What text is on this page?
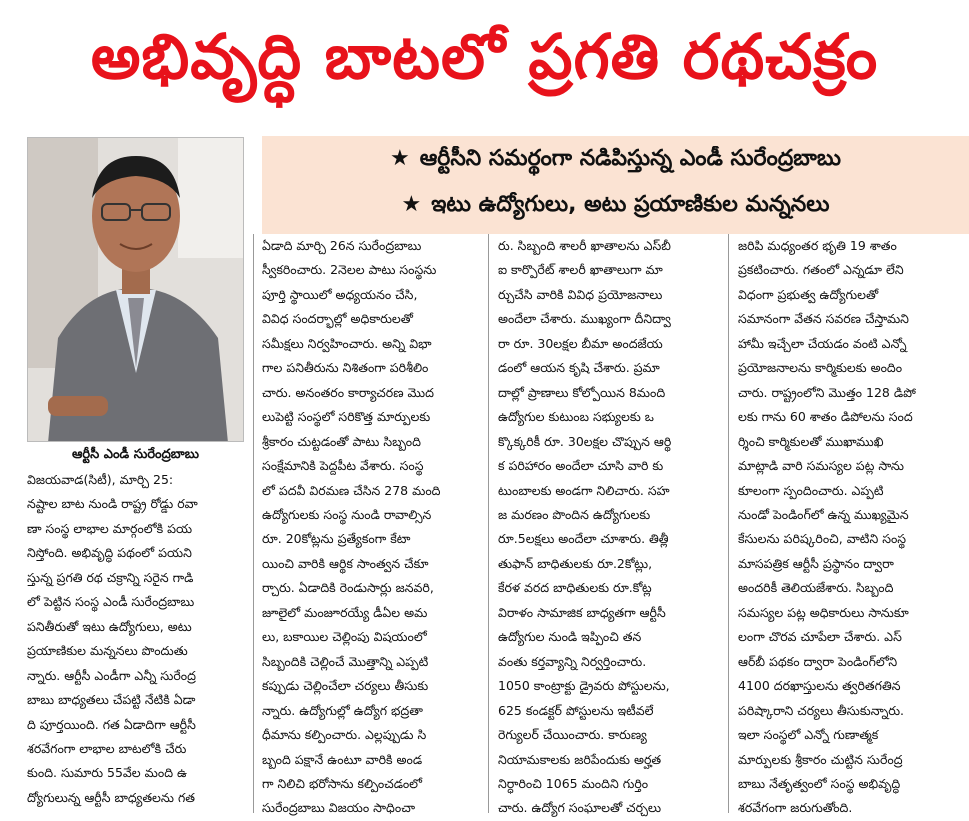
అభివృద్ధి బాటలో ప్రగతి రథచక్రం
ఆర్టీసీ ఎండీ సురేంద్రబాబు
★ ఆర్టీసీని సమర్థంగా నడిపిస్తున్న ఎండీ సురేంద్రబాబు
★ ఇటు ఉద్యోగులు, అటు ప్రయాణికుల మన్ననలు
విజయవాడ(సిటీ), మార్చి 25:
నష్టాల బాట నుండి రాష్ట్ర రోడ్డు రవా
ణా సంస్థ లాభాల మార్గంలోకి పయ
నిస్తోంది. అభివృద్ధి పథంలో పయని
స్తున్న ప్రగతి రథ చక్రాన్ని సరైన గాడి
లో పెట్టిన సంస్థ ఎండీ సురేంద్రబాబు
పనితీరుతో ఇటు ఉద్యోగులు, అటు
ప్రయాణికుల మన్ననలు పొందుతు
న్నారు. ఆర్టీసీ ఎండీగా ఎన్నీ సురేంద్ర
బాబు బాధ్యతలు చేపట్టి నేటికి ఏడా
ది పూర్తయింది. గత ఏడాదిగా ఆర్టీసీ
శరవేగంగా లాభాల బాటలోకి చేరు
కుంది. సుమారు 55వేల మంది ఉ
ద్యోగులున్న ఆర్టీసీ బాధ్యతలను గత
ఏడాది మార్చి 26న సురేంద్రబాబు
స్వీకరించారు. 2నెలల పాటు సంస్థను
పూర్తి స్థాయిలో అధ్యయనం చేసి,
వివిధ సందర్భాల్లో అధికారులతో
సమీక్షలు నిర్వహించారు. అన్ని విభా
గాల పనితీరును నిశితంగా పరిశీలిం
చారు. అనంతరం కార్యాచరణ మొద
లుపెట్టి సంస్థలో సరికొత్త మార్పులకు
శ్రీకారం చుట్టడంతో పాటు సిబ్బంది
సంక్షేమానికి పెద్దపీట వేశారు. సంస్థ
లో పదవీ విరమణ చేసిన 278 మంది
ఉద్యోగులకు సంస్థ నుండి రావాల్సిన
రూ. 20కోట్లను ప్రత్యేకంగా కేటా
యించి వారికి ఆర్థిక సాంత్వన చేకూ
ర్చారు. ఏడాదికి రెండుసార్లు జనవరి,
జూలైలో మంజూరయ్యే డీఏల అమ
లు, బకాయిల చెల్లింపు విషయంలో
సిబ్బందికి చెల్లించే మొత్తాన్ని ఎప్పటి
కప్పుడు చెల్లించేలా చర్యలు తీసుకు
న్నారు. ఉద్యోగుల్లో ఉద్యోగ భద్రతా
ధీమాను కల్పించారు. ఎల్లప్పుడు సి
బ్బంది పక్షానే ఉంటూ వారికి అండ
గా నిలిచి భరోసాను కల్పించడంలో
సురేంద్రబాబు విజయం సాధించా
రు. సిబ్బంది శాలరీ ఖాతాలను ఎస్‌బీ
ఐ కార్పొరేట్ శాలరీ ఖాతాలుగా మా
ర్చుచేసి వారికి వివిధ ప్రయోజనాలు
అందేలా చేశారు. ముఖ్యంగా దీనిద్వా
రా రూ. 30లక్షల బీమా అందజేయ
డంలో ఆయన కృషి చేశారు. ప్రమా
దాల్లో ప్రాణాలు కోల్పోయిన 8మంది
ఉద్యోగుల కుటుంబ సభ్యులకు ఒ
క్కొక్కరికీ రూ. 30లక్షల చొప్పున ఆర్థి
క పరిహారం అందేలా చూసి వారి కు
టుంబాలకు అండగా నిలిచారు. సహ
జ మరణం పొందిన ఉద్యోగులకు
రూ.5లక్షలు అందేలా చూశారు. తిత్లీ
తుఫాన్ బాధితులకు రూ.2కోట్లు,
కేరళ వరద బాధితులకు రూ.కోట్ల
విరాళం సామాజిక బాధ్యతగా ఆర్టీసీ
ఉద్యోగుల నుండి ఇప్పించి తన
వంతు కర్తవ్యాన్ని నిర్వర్తించారు.
1050 కాంట్రాక్టు డ్రైవరు పోస్టులను,
625 కండక్టర్ పోస్టులను ఇటీవలే
రెగ్యులర్ చేయించారు. కారుణ్య
నియామకాలకు జరిపేందుకు అర్హత
నిర్ధారించి 1065 మందిని గుర్తిం
చారు. ఉద్యోగ సంఘాలతో చర్చలు
జరిపి మధ్యంతర భృతి 19 శాతం
ప్రకటించారు. గతంలో ఎన్నడూ లేని
విధంగా ప్రభుత్వ ఉద్యోగులతో
సమానంగా వేతన సవరణ చేస్తామని
హామీ ఇచ్చేలా చేయడం వంటి ఎన్నో
ప్రయోజనాలను కార్మికులకు అందిం
చారు. రాష్ట్రంలోని మొత్తం 128 డిపో
లకు గాను 60 శాతం డిపోలను సంద
ర్శించి కార్మికులతో ముఖాముఖి
మాట్లాడి వారి సమస్యల పట్ల సాను
కూలంగా స్పందించారు. ఎప్పటి
నుండో పెండింగ్‌లో ఉన్న ముఖ్యమైన
కేసులను పరిష్కరించి, వాటిని సంస్థ
మాసపత్రిక ఆర్టీసీ ప్రస్థానం ద్వారా
అందరికీ తెలియజేశారు. సిబ్బంది
సమస్యల పట్ల అధికారులు సానుకూ
లంగా చొరవ చూపేలా చేశారు. ఎస్
ఆర్‌బీ పథకం ద్వారా పెండింగ్‌లోని
4100 దరఖాస్తులను త్వరితగతిన
పరిష్కారాని చర్యలు తీసుకున్నారు.
ఇలా సంస్థలో ఎన్నో గుణాత్మక
మార్పులకు శ్రీకారం చుట్టిన సురేంద్ర
బాబు నేతృత్వంలో సంస్థ అభివృద్ధి
శరవేగంగా జరుగుతోంది.
